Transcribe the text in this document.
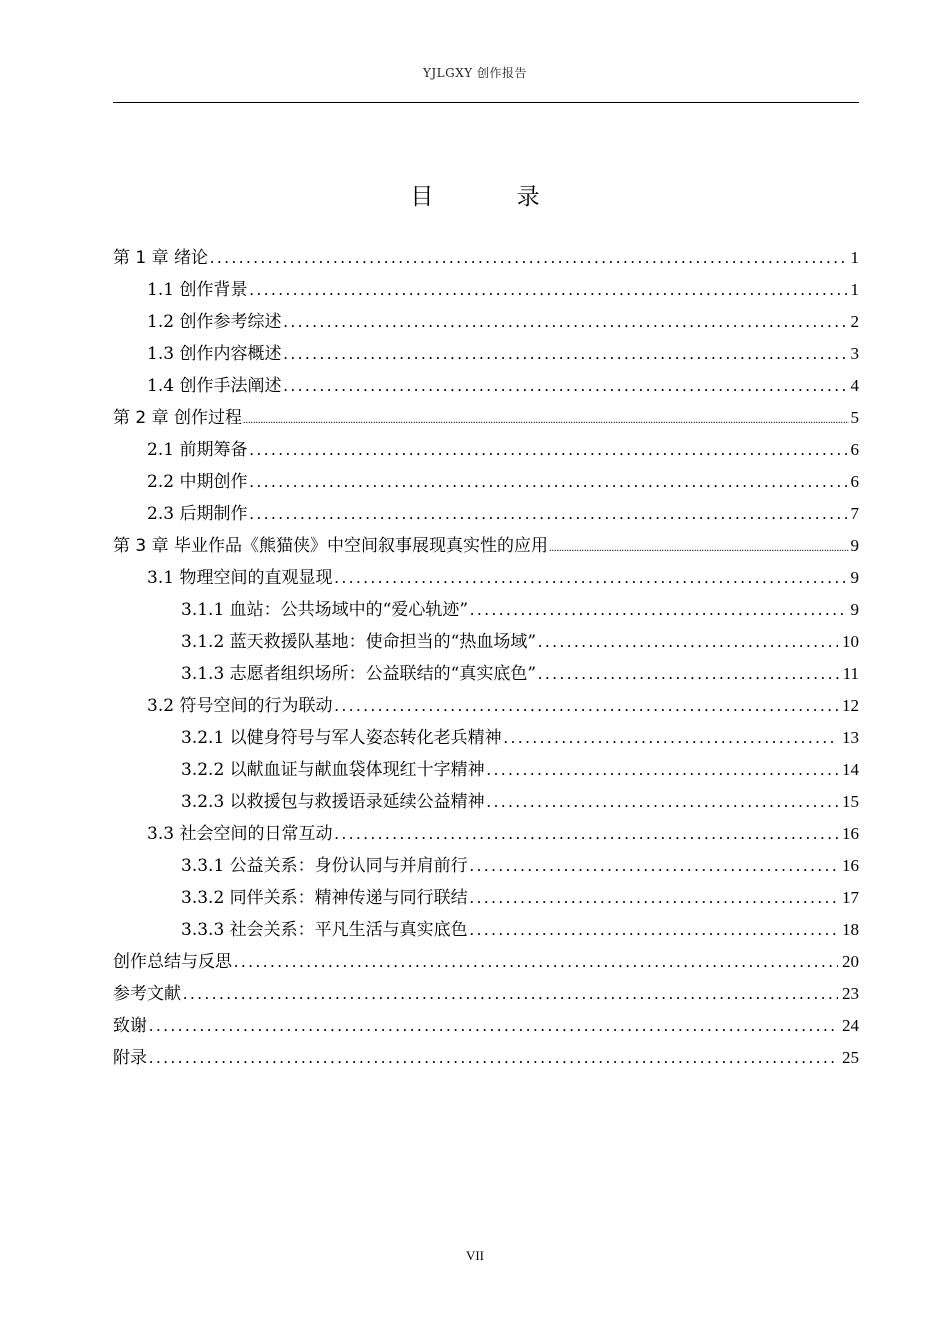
YJLGXY 创作报告
目 录
第 1 章 绪论 .....	1
1.1 创作背景 .....	1
1.2 创作参考综述 .....	2
1.3 创作内容概述 .....	3
1.4 创作手法阐述 .....	4
第 2 章 创作过程 .....	5
2.1 前期筹备 .....	6
2.2 中期创作 .....	6
2.3 后期制作 .....	7
第 3 章 毕业作品《熊猫侠》中空间叙事展现真实性的应用 .....	9
3.1 物理空间的直观显现 .....	9
3.1.1 血站：公共场域中的“爱心轨迹” .....	9
3.1.2 蓝天救援队基地：使命担当的“热血场域” .....	10
3.1.3 志愿者组织场所：公益联结的“真实底色” .....	11
3.2 符号空间的行为联动 .....	12
3.2.1 以健身符号与军人姿态转化老兵精神 .....	13
3.2.2 以献血证与献血袋体现红十字精神 .....	14
3.2.3 以救援包与救援语录延续公益精神 .....	15
3.3 社会空间的日常互动 .....	16
3.3.1 公益关系：身份认同与并肩前行 .....	16
3.3.2 同伴关系：精神传递与同行联结 .....	17
3.3.3 社会关系：平凡生活与真实底色 .....	18
创作总结与反思 .....	20
参考文献 .....	23
致谢 .....	24
附录 .....	25
VII
